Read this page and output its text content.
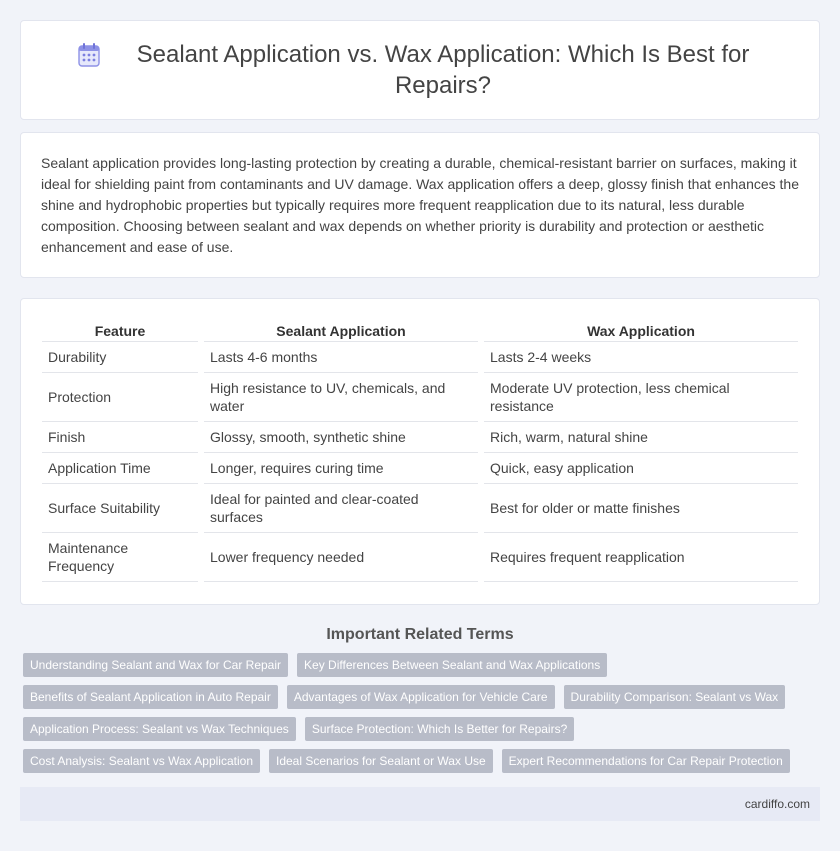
Sealant Application vs. Wax Application: Which Is Best for Repairs?

Sealant application provides long-lasting protection by creating a durable, chemical-resistant barrier on surfaces, making it ideal for shielding paint from contaminants and UV damage. Wax application offers a deep, glossy finish that enhances the shine and hydrophobic properties but typically requires more frequent reapplication due to its natural, less durable composition. Choosing between sealant and wax depends on whether priority is durability and protection or aesthetic enhancement and ease of use.

Feature	Sealant Application	Wax Application
Durability	Lasts 4-6 months	Lasts 2-4 weeks
Protection	High resistance to UV, chemicals, and water	Moderate UV protection, less chemical resistance
Finish	Glossy, smooth, synthetic shine	Rich, warm, natural shine
Application Time	Longer, requires curing time	Quick, easy application
Surface Suitability	Ideal for painted and clear-coated surfaces	Best for older or matte finishes
Maintenance Frequency	Lower frequency needed	Requires frequent reapplication
Important Related Terms
Understanding Sealant and Wax for Car Repair	Key Differences Between Sealant and Wax Applications
Benefits of Sealant Application in Auto Repair	Advantages of Wax Application for Vehicle Care	Durability Comparison: Sealant vs Wax
Application Process: Sealant vs Wax Techniques	Surface Protection: Which Is Better for Repairs?
Cost Analysis: Sealant vs Wax Application	Ideal Scenarios for Sealant or Wax Use	Expert Recommendations for Car Repair Protection
cardiffo.com
